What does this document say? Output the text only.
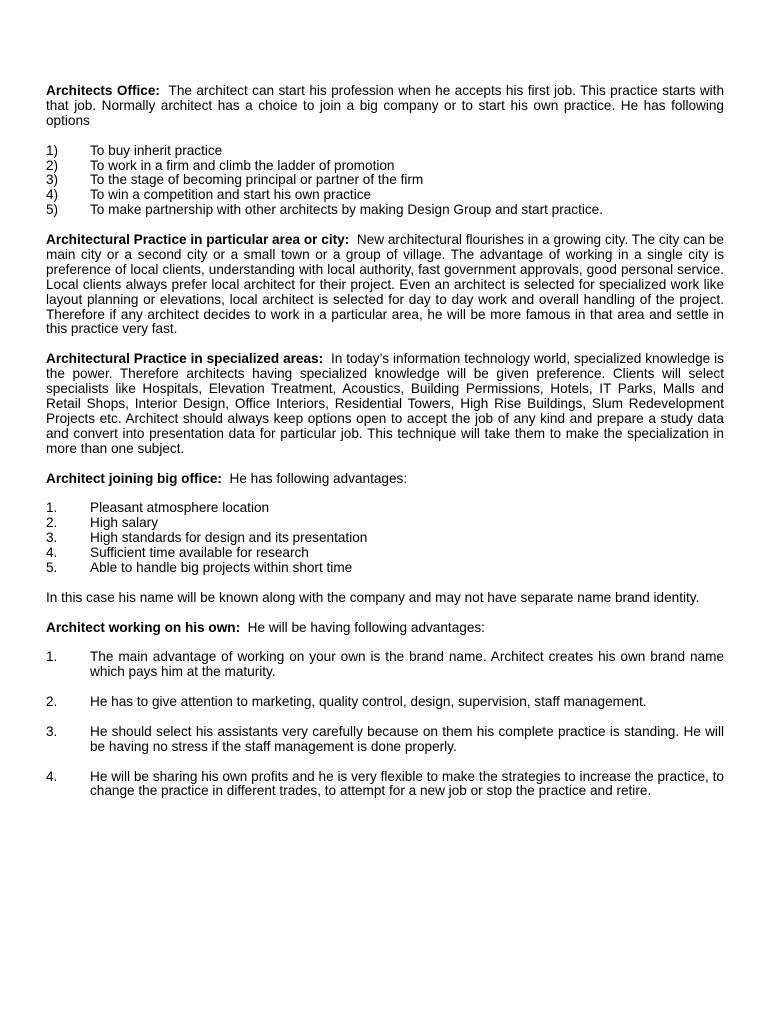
Architects Office: The architect can start his profession when he accepts his first job. This practice starts with that job. Normally architect has a choice to join a big company or to start his own practice. He has following options

1)	To buy inherit practice
2)	To work in a firm and climb the ladder of promotion
3)	To the stage of becoming principal or partner of the firm
4)	To win a competition and start his own practice
5)	To make partnership with other architects by making Design Group and start practice.

Architectural Practice in particular area or city: New architectural flourishes in a growing city. The city can be main city or a second city or a small town or a group of village. The advantage of working in a single city is preference of local clients, understanding with local authority, fast government approvals, good personal service. Local clients always prefer local architect for their project. Even an architect is selected for specialized work like layout planning or elevations, local architect is selected for day to day work and overall handling of the project. Therefore if any architect decides to work in a particular area, he will be more famous in that area and settle in this practice very fast.

Architectural Practice in specialized areas: In today’s information technology world, specialized knowledge is the power. Therefore architects having specialized knowledge will be given preference. Clients will select specialists like Hospitals, Elevation Treatment, Acoustics, Building Permissions, Hotels, IT Parks, Malls and Retail Shops, Interior Design, Office Interiors, Residential Towers, High Rise Buildings, Slum Redevelopment Projects etc. Architect should always keep options open to accept the job of any kind and prepare a study data and convert into presentation data for particular job. This technique will take them to make the specialization in more than one subject.

Architect joining big office: He has following advantages:

1.	Pleasant atmosphere location
2.	High salary
3.	High standards for design and its presentation
4.	Sufficient time available for research
5.	Able to handle big projects within short time

In this case his name will be known along with the company and may not have separate name brand identity.

Architect working on his own: He will be having following advantages:

1.	The main advantage of working on your own is the brand name. Architect creates his own brand name which pays him at the maturity.
2.	He has to give attention to marketing, quality control, design, supervision, staff management.
3.	He should select his assistants very carefully because on them his complete practice is standing. He will be having no stress if the staff management is done properly.
4.	He will be sharing his own profits and he is very flexible to make the strategies to increase the practice, to change the practice in different trades, to attempt for a new job or stop the practice and retire.
